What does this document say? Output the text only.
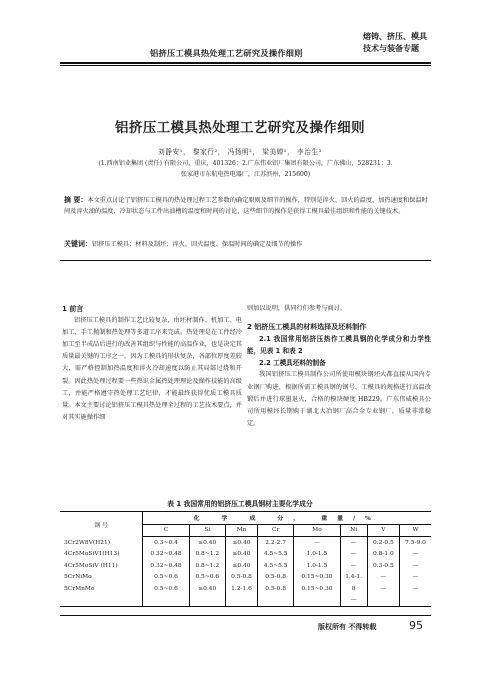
铝挤压工模具热处理工艺研究及操作细则
熔铸、挤压、模具
技术与装备专题
铝挤压工模具热处理工艺研究及操作细则
刘静安¹， 黎家行²， 冯扬明²， 梁美婵²， 李治生³
(1.西南铝业集团 (责任) 有限公司，重庆，401326；2.广东伟业铝厂集团有限公司，广东佛山，528231；3.
张家港市东航电热电器厂，江苏滨州，215600)
摘 要：本文重点讨论了铝挤压工模具的热处理过程工艺参数的确定原则及细节的操作，特别是淬火、回火的温度、加热速度和保温时间及淬火油的温度，冷却状态与工件出油槽的温度和时间的讨论，这些细节的操作是获得工模具最佳组织和性能的关键技术。
关键词：铝挤压工模具；材料及制坯；淬火、回火温度、保温时间的确定及细节的操作
1 前言
铝挤压工模具的制作工艺比较复杂，由坯材制作、机加工、电加工、手工抛制和热处理等多道工序来完成。热处理是在工件经冷加工至半成品后进行的改善其组织与性能的高温作业，也是决定其质量最关键的工序之一。因为工模具的形状复杂，各部位厚度差较大，需严格控制加热温度和淬火冷却速度以防止其局部过烧和开裂。因此热处理过程要一些热识金属热处理理论及操作技能的高级工，并能严格遵守热处理工艺纪律，才能最终获得优质工模具质量。本文主要讨论铝挤压工模具热处理全过程的工艺技术要点，并对其实施操作细
则加以说明，供同行们参考与商讨。
2 铝挤压工模具的材料选择及坯料制作
2.1 我国常用铝挤压热作工模具钢的化学成分和力学性能，见表 1 和表 2
2.2 工模具坯料的制备
我国铝挤压工模具制作公司所使用模块钢坯大都直接从国内专业钢厂购进，根据所需工模具钢的钢号、工模具的规格进行高温改锻后并进行球墨退火，合格的模块硬度 HB229。广东伟威模具公司所用模坯长期购于湖北大冶钢厂高合金专业钢厂，质量非常稳定。
表 1 我国常用的铝挤压工模具钢材主要化学成分
钢 号	化 学 成 分， 重量/%							
	C	Si	Mn	Cr	Mo	Ni	V	W
3Cr2W8V(H21)	0.3~0.4	≤0.40	≤0.40	2.2-2.7	—	—	0.2-0.5	7.5-9.0
4Cr5MoSiV1(H13)	0.32~0.48	0.8~1.2	≤0.40	4.5~5.5	1.0-1.5	—	0.8-1.0	—
4Cr5MoSiV (H11)	0.32~0.48	0.8~1.2	≤0.40	4.5~5.5	1.0-1.5	—	0.3-0.5	—
5CrNiMo	0.5~0.6	0.5~0.6	0.5-0.8	0.5-0.8	0.15~0.30	1.4-1.	—	—
5CrMnMo	0.5~0.6	≤0.40	1.2-1.6	0.5-0.8	0.15~0.30	8	—	—
						—		
版权所有 不得转载	95
